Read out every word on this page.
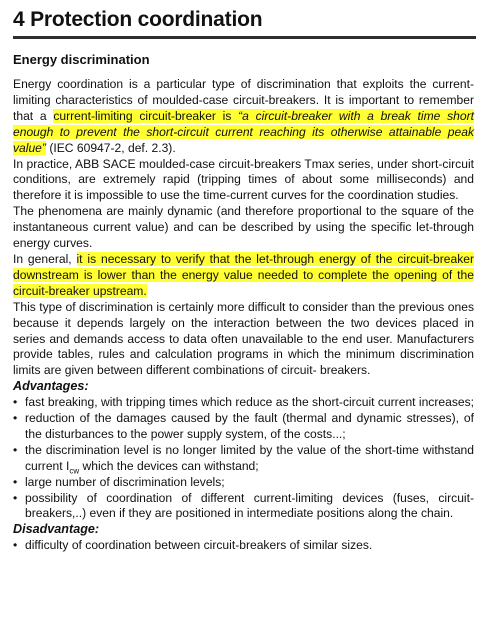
4 Protection coordination
Energy discrimination

Energy coordination is a particular type of discrimination that exploits the current-limiting characteristics of moulded-case circuit-breakers. It is important to remember that a current-limiting circuit-breaker is “a circuit-breaker with a break time short enough to prevent the short-circuit current reaching its otherwise attainable peak value” (IEC 60947-2, def. 2.3).

In practice, ABB SACE moulded-case circuit-breakers Tmax series, under short-circuit conditions, are extremely rapid (tripping times of about some milliseconds) and therefore it is impossible to use the time-current curves for the coordination studies.

The phenomena are mainly dynamic (and therefore proportional to the square of the instantaneous current value) and can be described by using the specific let-through energy curves.

In general, it is necessary to verify that the let-through energy of the circuit-breaker downstream is lower than the energy value needed to complete the opening of the circuit-breaker upstream.

This type of discrimination is certainly more difficult to consider than the previous ones because it depends largely on the interaction between the two devices placed in series and demands access to data often unavailable to the end user. Manufacturers provide tables, rules and calculation programs in which the minimum discrimination limits are given between different combinations of circuit- breakers.

Advantages:
• fast breaking, with tripping times which reduce as the short-circuit current increases;
• reduction of the damages caused by the fault (thermal and dynamic stresses), of the disturbances to the power supply system, of the costs...;
• the discrimination level is no longer limited by the value of the short-time withstand current $I_{cw}$ which the devices can withstand;
• large number of discrimination levels;
• possibility of coordination of different current-limiting devices (fuses, circuit-breakers,..) even if they are positioned in intermediate positions along the chain.
Disadvantage:
• difficulty of coordination between circuit-breakers of similar sizes.
